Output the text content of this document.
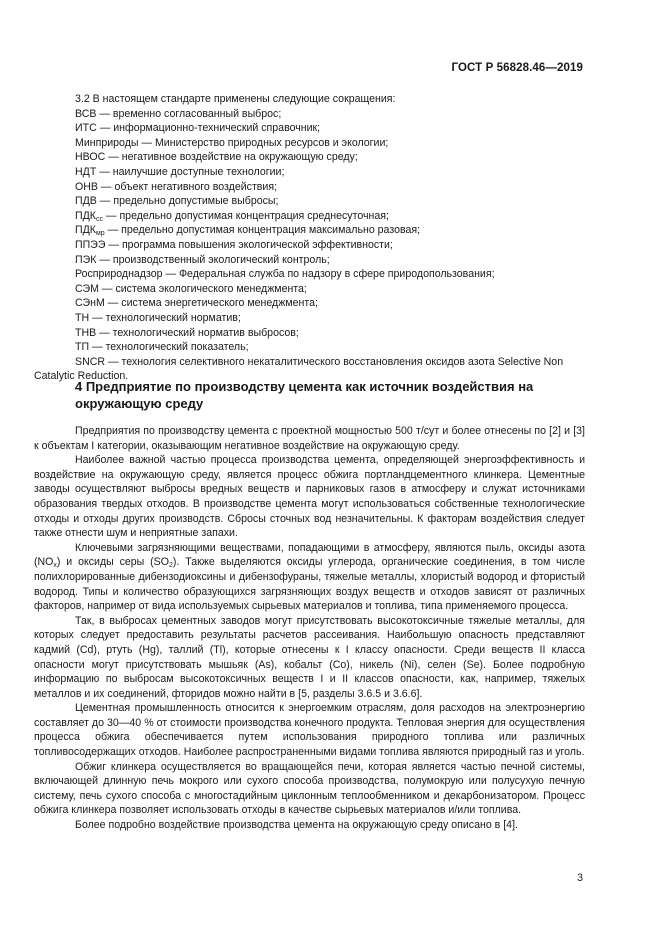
ГОСТ Р 56828.46—2019

3.2 В настоящем стандарте применены следующие сокращения:

ВСВ — временно согласованный выброс;

ИТС — информационно-технический справочник;

Минприроды — Министерство природных ресурсов и экологии;

НВОС — негативное воздействие на окружающую среду;

НДТ — наилучшие доступные технологии;

ОНВ — объект негативного воздействия;

ПДВ — предельно допустимые выбросы;

$ПДК_{сс}$ — предельно допустимая концентрация среднесуточная;

$ПДК_{мр}$ — предельно допустимая концентрация максимально разовая;

ППЭЭ — программа повышения экологической эффективности;

ПЭК — производственный экологический контроль;

Росприроднадзор — Федеральная служба по надзору в сфере природопользования;

СЭМ — система экологического менеджмента;

СЭнМ — система энергетического менеджмента;

ТН — технологический норматив;

ТНВ — технологический норматив выбросов;

ТП — технологический показатель;

SNCR — технология селективного некаталитического восстановления оксидов азота Selective Non Catalytic Reduction.

4 Предприятие по производству цемента как источник воздействия на окружающую среду

Предприятия по производству цемента с проектной мощностью 500 т/сут и более отнесены по [2] и [3] к объектам I категории, оказывающим негативное воздействие на окружающую среду.

Наиболее важной частью процесса производства цемента, определяющей энергоэффективность и воздействие на окружающую среду, является процесс обжига портландцементного клинкера. Цементные заводы осуществляют выбросы вредных веществ и парниковых газов в атмосферу и служат источниками образования твердых отходов. В производстве цемента могут использоваться собственные технологические отходы и отходы других производств. Сбросы сточных вод незначительны. К факторам воздействия следует также отнести шум и неприятные запахи.

Ключевыми загрязняющими веществами, попадающими в атмосферу, являются пыль, оксиды азота $(NO_x)$ и оксиды серы $(SO_2)$. Также выделяются оксиды углерода, органические соединения, в том числе полихлорированные дибензодиоксины и дибензофураны, тяжелые металлы, хлористый водород и фтористый водород. Типы и количество образующихся загрязняющих воздух веществ и отходов зависят от различных факторов, например от вида используемых сырьевых материалов и топлива, типа применяемого процесса.

Так, в выбросах цементных заводов могут присутствовать высокотоксичные тяжелые металлы, для которых следует предоставить результаты расчетов рассеивания. Наибольшую опасность представляют кадмий (Cd), ртуть (Hg), таллий (Tl), которые отнесены к I классу опасности. Среди веществ II класса опасности могут присутствовать мышьяк (As), кобальт (Co), никель (Ni), селен (Se). Более подробную информацию по выбросам высокотоксичных веществ I и II классов опасности, как, например, тяжелых металлов и их соединений, фторидов можно найти в [5, разделы 3.6.5 и 3.6.6].

Цементная промышленность относится к энергоемким отраслям, доля расходов на электроэнергию составляет до 30—40 % от стоимости производства конечного продукта. Тепловая энергия для осуществления процесса обжига обеспечивается путем использования природного топлива или различных топливосодержащих отходов. Наиболее распространенными видами топлива являются природный газ и уголь.

Обжиг клинкера осуществляется во вращающейся печи, которая является частью печной системы, включающей длинную печь мокрого или сухого способа производства, полумокрую или полусухую печную систему, печь сухого способа с многостадийным циклонным теплообменником и декарбонизатором. Процесс обжига клинкера позволяет использовать отходы в качестве сырьевых материалов и/или топлива.

Более подробно воздействие производства цемента на окружающую среду описано в [4].

3
